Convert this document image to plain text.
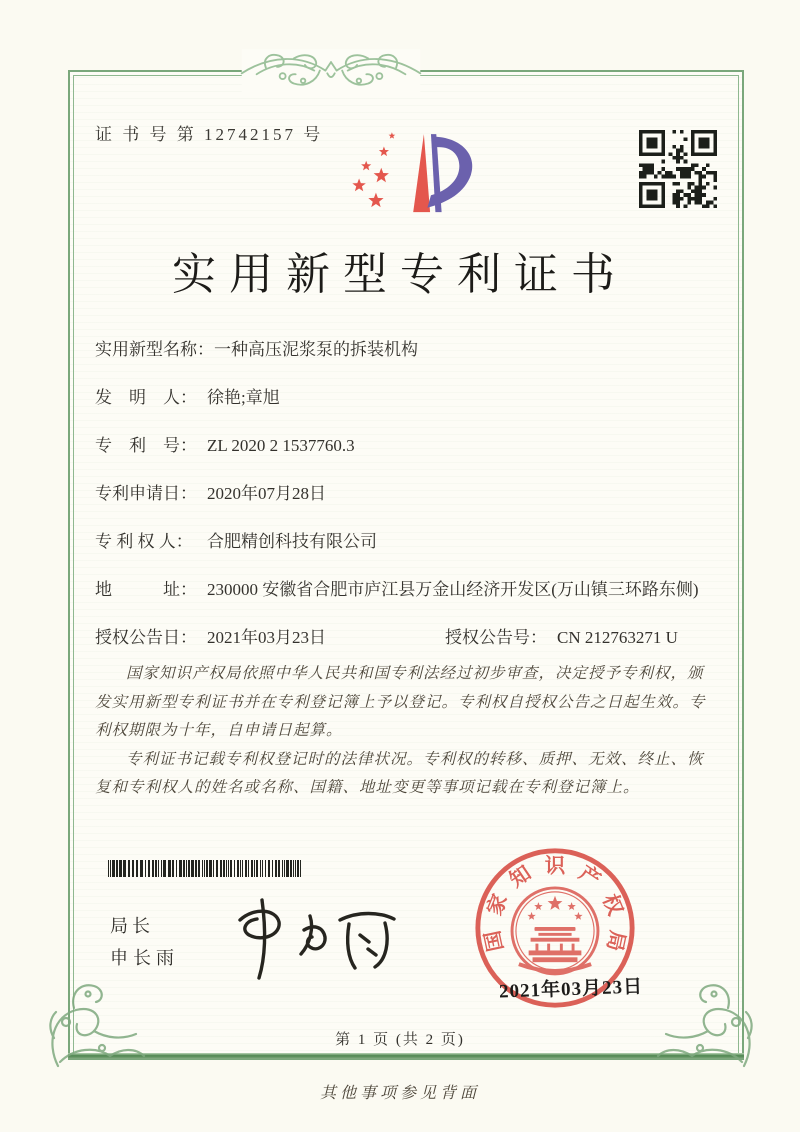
证 书 号 第 12742157 号
实用新型专利证书
实用新型名称： 一种高压泥浆泵的拆装机构
发　明　人： 徐艳;章旭
专　利　号： ZL 2020 2 1537760.3
专利申请日： 2020年07月28日
专 利 权 人： 合肥精创科技有限公司
地　　　址： 230000 安徽省合肥市庐江县万金山经济开发区(万山镇三环路东侧)
授权公告日： 2021年03月23日	授权公告号： CN 212763271 U

国家知识产权局依照中华人民共和国专利法经过初步审查，决定授予专利权，颁发实用新型专利证书并在专利登记簿上予以登记。专利权自授权公告之日起生效。专利权期限为十年，自申请日起算。

专利证书记载专利权登记时的法律状况。专利权的转移、质押、无效、终止、恢复和专利权人的姓名或名称、国籍、地址变更等事项记载在专利登记簿上。

局长
申长雨
国
家
知 识 产
权
局
2021年03月23日
第 1 页 (共 2 页)
其他事项参见背面
